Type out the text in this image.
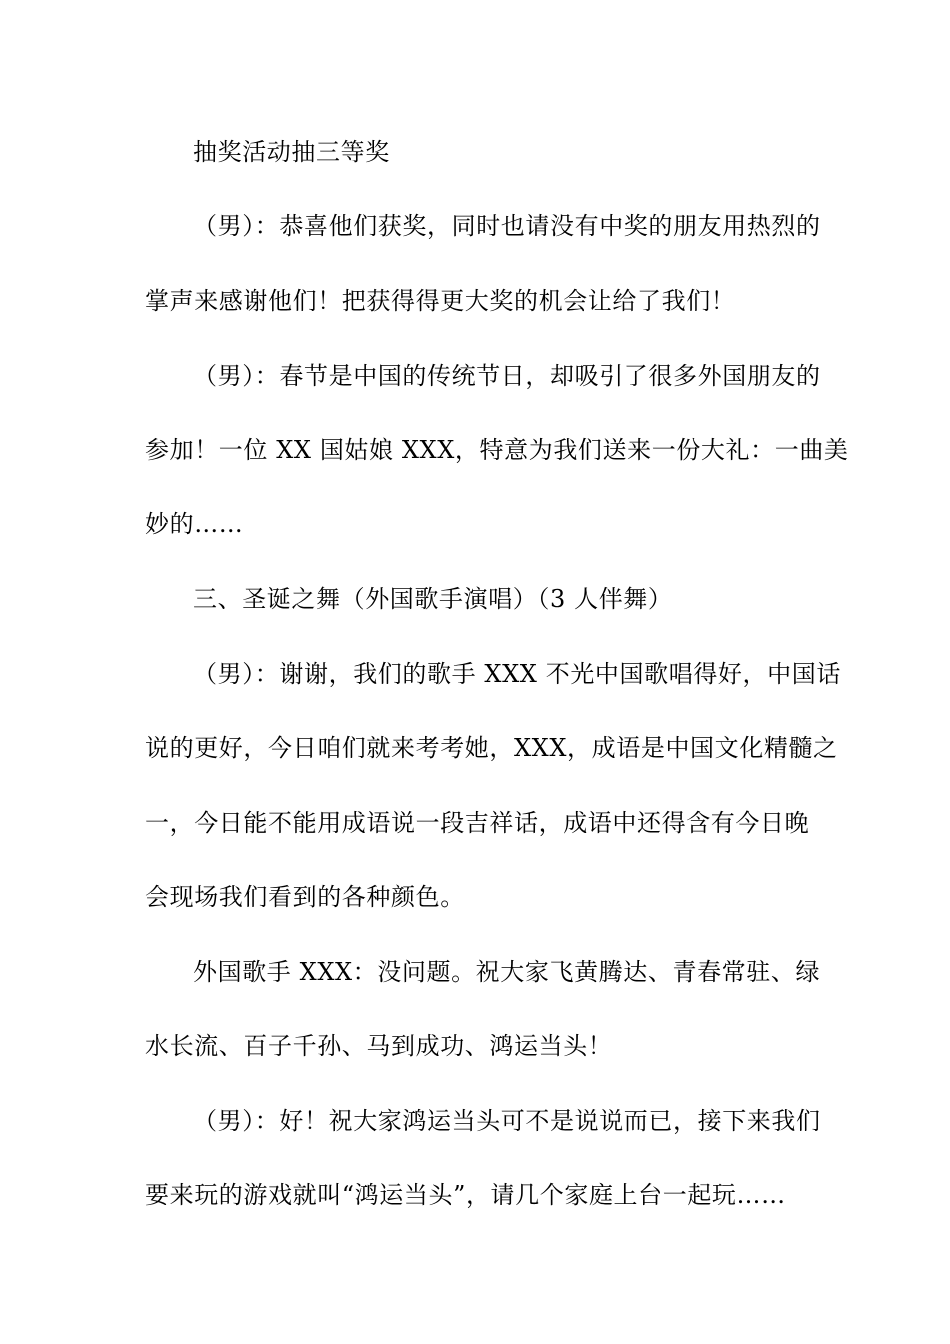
抽奖活动抽三等奖
（男）：恭喜他们获奖，同时也请没有中奖的朋友用热烈的
掌声来感谢他们！把获得得更大奖的机会让给了我们！
（男）：春节是中国的传统节日，却吸引了很多外国朋友的
参加！一位 XX 国姑娘 XXX，特意为我们送来一份大礼：一曲美
妙的……
三、圣诞之舞（外国歌手演唱）（3 人伴舞）
（男）：谢谢，我们的歌手 XXX 不光中国歌唱得好，中国话
说的更好，今日咱们就来考考她，XXX，成语是中国文化精髓之
一，今日能不能用成语说一段吉祥话，成语中还得含有今日晚
会现场我们看到的各种颜色。
外国歌手 XXX：没问题。祝大家飞黄腾达、青春常驻、绿
水长流、百子千孙、马到成功、鸿运当头！
（男）：好！祝大家鸿运当头可不是说说而已，接下来我们
要来玩的游戏就叫“鸿运当头”，请几个家庭上台一起玩……
